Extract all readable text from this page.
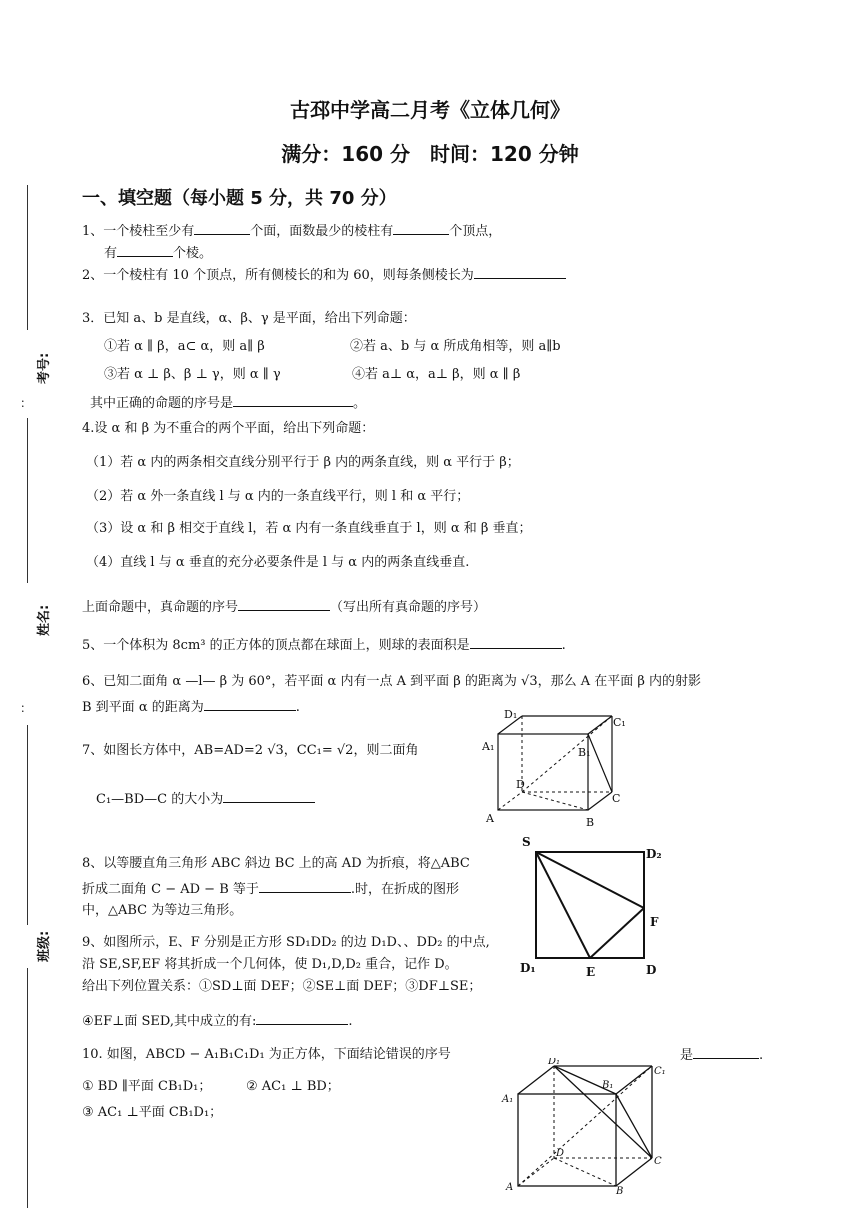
考号:
：
姓名:
：
班级:
古邳中学高二月考《立体几何》
满分：160 分　时间：120 分钟
一、填空题（每小题 5 分，共 70 分）
1、一个棱柱至少有	个面，面数最少的棱柱有	个顶点，
有	个棱。
2、一个棱柱有 10 个顶点，所有侧棱长的和为 60，则每条侧棱长为
3．已知 a、b 是直线，α、β、γ 是平面，给出下列命题：
①若 α ∥ β，a⊂ α，则 a∥ β	②若 a、b 与 α 所成角相等，则 a∥b
③若 α ⊥ β、β ⊥ γ，则 α ∥ γ	④若 a⊥ α，a⊥ β，则 α ∥ β
其中正确的命题的序号是	。
4.设 α 和 β 为不重合的两个平面，给出下列命题：
（1）若 α 内的两条相交直线分别平行于 β 内的两条直线，则 α 平行于 β；
（2）若 α 外一条直线 l 与 α 内的一条直线平行，则 l 和 α 平行；
（3）设 α 和 β 相交于直线 l，若 α 内有一条直线垂直于 l，则 α 和 β 垂直；
（4）直线 l 与 α 垂直的充分必要条件是 l 与 α 内的两条直线垂直.
上面命题中，真命题的序号	（写出所有真命题的序号）
5、一个体积为 8cm³ 的正方体的顶点都在球面上，则球的表面积是	.
6、已知二面角 α —l— β 为 60°，若平面 α 内有一点 A 到平面 β 的距离为 √3，那么 A 在平面 β 内的射影
B 到平面 α 的距离为	.
7、如图长方体中，AB=AD=2 √3，CC₁= √2，则二面角
C₁—BD—C 的大小为
D₁
C₁
A₁	B₁
D
C
A	B
8、以等腰直角三角形 ABC 斜边 BC 上的高 AD 为折痕，将△ABC
折成二面角 C − AD − B 等于	.时，在折成的图形
中，△ABC 为等边三角形。
S
D₂
F
D₁	E	D
9、如图所示，E、F 分别是正方形 SD₁DD₂ 的边 D₁D、、DD₂ 的中点,
沿 SE,SF,EF 将其折成一个几何体，使 D₁,D,D₂ 重合，记作 D。
给出下列位置关系：①SD⊥面 DEF；②SE⊥面 DEF；③DF⊥SE；
④EF⊥面 SED,其中成立的有:	.
10. 如图，ABCD − A₁B₁C₁D₁ 为正方体，下面结论错误的序号	是	.
① BD ∥平面 CB₁D₁；	② AC₁ ⊥ BD；
③ AC₁ ⊥平面 CB₁D₁；
D₁
C₁
A₁
B₁
D
C
A	B
